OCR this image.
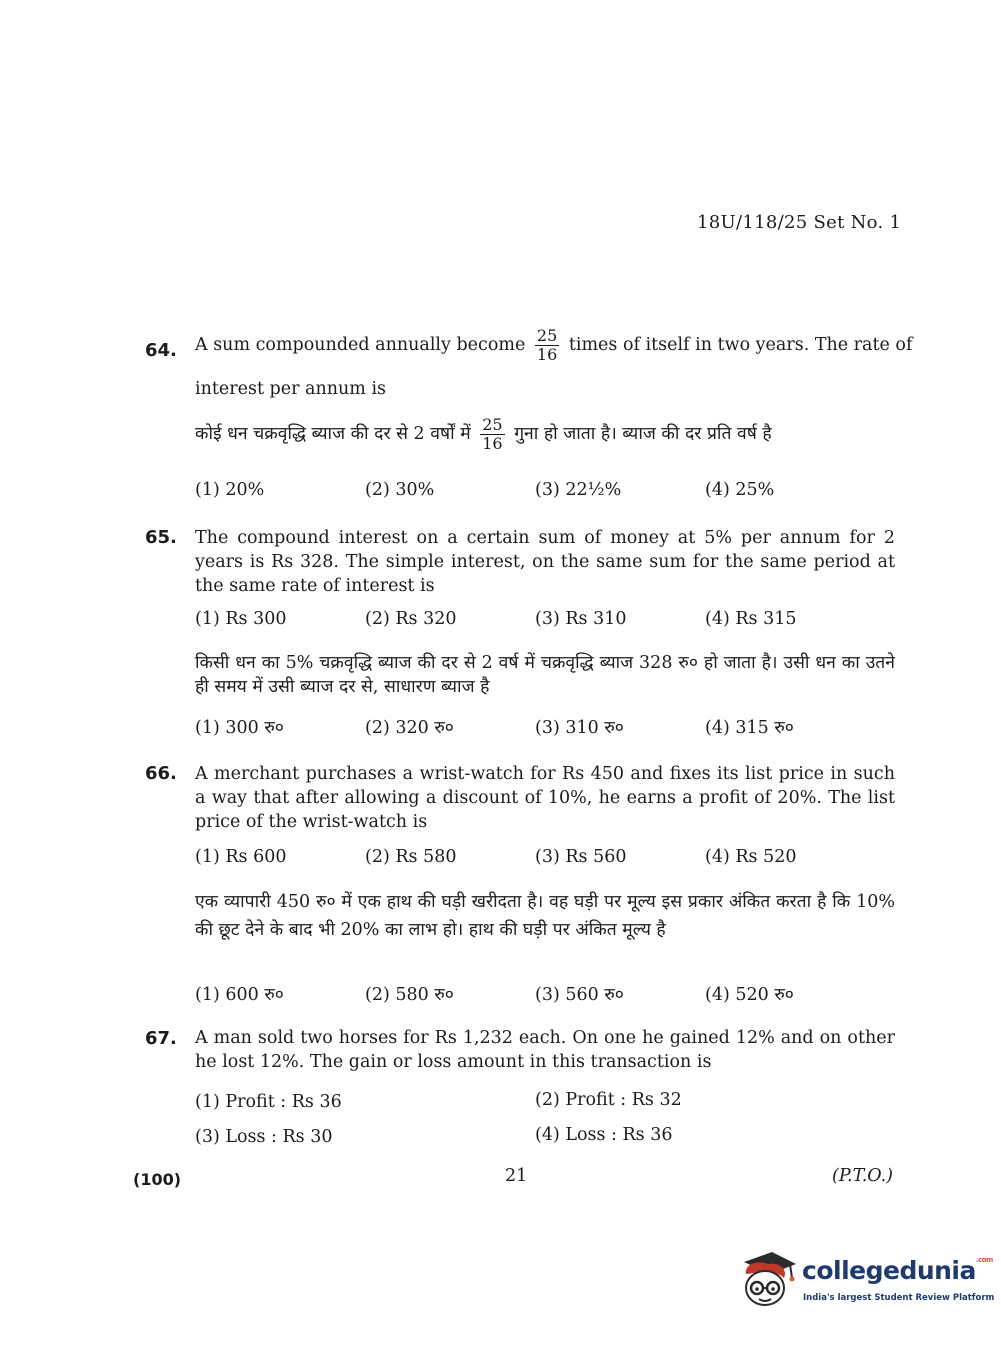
18U/118/25 Set No. 1
64. A sum compounded annually become $\frac{25}{16}$ times of itself in two years. The rate of
interest per annum is
कोई धन चक्रवृद्धि ब्याज की दर से 2 वर्षों में $\frac{25}{16}$ गुना हो जाता है। ब्याज की दर प्रति वर्ष है
(1) 20%	(2) 30%	(3) 22½%	(4) 25%
65. The compound interest on a certain sum of money at 5% per annum for 2 years is Rs 328. The simple interest, on the same sum for the same period at the same rate of interest is
(1) Rs 300	(2) Rs 320	(3) Rs 310	(4) Rs 315
किसी धन का 5% चक्रवृद्धि ब्याज की दर से 2 वर्ष में चक्रवृद्धि ब्याज 328 रु० हो जाता है। उसी धन का उतने ही समय में उसी ब्याज दर से, साधारण ब्याज है
(1) 300 रु०	(2) 320 रु०	(3) 310 रु०	(4) 315 रु०
66. A merchant purchases a wrist-watch for Rs 450 and fixes its list price in such a way that after allowing a discount of 10%, he earns a profit of 20%. The list price of the wrist-watch is
(1) Rs 600	(2) Rs 580	(3) Rs 560	(4) Rs 520
एक व्यापारी 450 रु० में एक हाथ की घड़ी खरीदता है। वह घड़ी पर मूल्य इस प्रकार अंकित करता है कि 10% की छूट देने के बाद भी 20% का लाभ हो। हाथ की घड़ी पर अंकित मूल्य है
(1) 600 रु०	(2) 580 रु०	(3) 560 रु०	(4) 520 रु०
67. A man sold two horses for Rs 1,232 each. On one he gained 12% and on other he lost 12%. The gain or loss amount in this transaction is
(1) Profit : Rs 36	(2) Profit : Rs 32
(3) Loss : Rs 30	(4) Loss : Rs 36
(100)	21	(P.T.O.)
collegedunia$^{.com}$
India's largest Student Review Platform
